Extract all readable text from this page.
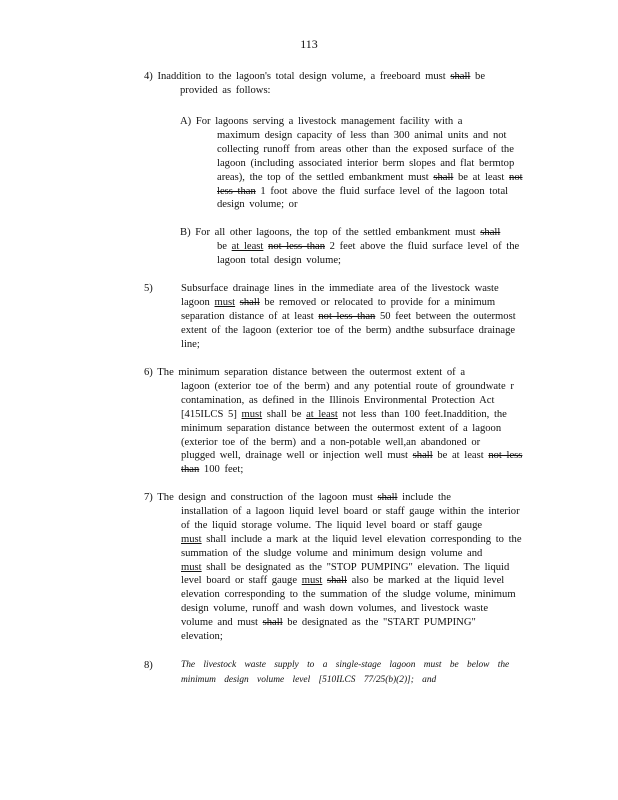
113
4) Inaddition to the lagoon's total design volume, a freeboard must shall be
provided as follows:
A) For lagoons serving a livestock management facility with a
maximum design capacity of less than 300 animal units and not
collecting runoff from areas other than the exposed surface of the
lagoon (including associated interior berm slopes and flat bermtop
areas), the top of the settled embankment must shall be at least not
less than 1 foot above the fluid surface level of the lagoon total
design volume; or
B) For all other lagoons, the top of the settled embankment must shall
be at least not less than 2 feet above the fluid surface level of the
lagoon total design volume;
5)	Subsurface drainage lines in the immediate area of the livestock waste
lagoon must shall be removed or relocated to provide for a minimum
separation distance of at least not less than 50 feet between the outermost
extent of the lagoon (exterior toe of the berm) andthe subsurface drainage
line;
6) The minimum separation distance between the outermost extent of a
lagoon (exterior toe of the berm) and any potential route of groundwate r
contamination, as defined in the Illinois Environmental Protection Act
[415ILCS 5] must shall be at least not less than 100 feet.Inaddition, the
minimum separation distance between the outermost extent of a lagoon
(exterior toe of the berm) and a non-potable well,an abandoned or
plugged well, drainage well or injection well must shall be at least not less
than 100 feet;
7) The design and construction of the lagoon must shall include the
installation of a lagoon liquid level board or staff gauge within the interior
of the liquid storage volume. The liquid level board or staff gauge
must shall include a mark at the liquid level elevation corresponding to the
summation of the sludge volume and minimum design volume and
must shall be designated as the "STOP PUMPING" elevation. The liquid
level board or staff gauge must shall also be marked at the liquid level
elevation corresponding to the summation of the sludge volume, minimum
design volume, runoff and wash down volumes, and livestock waste
volume and must shall be designated as the "START PUMPING"
elevation;
8)	The livestock waste supply to a single-stage lagoon must be below the
minimum design volume level [510ILCS 77/25(b)(2)]; and
